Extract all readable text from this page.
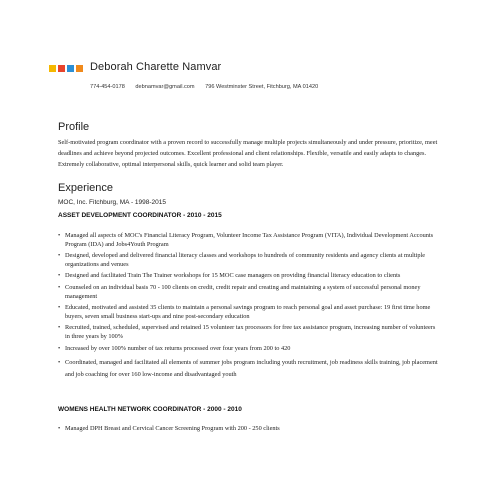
Deborah Charette Namvar
774-454-0178 debnamvar@gmail.com 796 Westminster Street, Fitchburg, MA 01420
Profile
Self-motivated program coordinator with a proven record to successfully manage multiple projects simultaneously and under pressure, prioritize, meet deadlines and achieve beyond projected outcomes. Excellent professional and client relationships. Flexible, versatile and easily adapts to changes. Extremely collaborative, optimal interpersonal skills, quick learner and solid team player.
Experience
MOC, Inc. Fitchburg, MA - 1998-2015
ASSET DEVELOPMENT COORDINATOR - 2010 - 2015
• Managed all aspects of MOC's Financial Literacy Program, Volunteer Income Tax Assistance Program (VITA), Individual Development Accounts Program (IDA) and Jobs4Youth Program
• Designed, developed and delivered financial literacy classes and workshops to hundreds of community residents and agency clients at multiple organizations and venues
• Designed and facilitated Train The Trainer workshops for 15 MOC case managers on providing financial literacy education to clients
• Counseled on an individual basis 70 - 100 clients on credit, credit repair and creating and maintaining a system of successful personal money management
• Educated, motivated and assisted 35 clients to maintain a personal savings program to reach personal goal and asset purchase: 19 first time home buyers, seven small business start-ups and nine post-secondary education
• Recruited, trained, scheduled, supervised and retained 15 volunteer tax processors for free tax assistance program, increasing number of volunteers in three years by 100%
• Increased by over 100% number of tax returns processed over four years from 200 to 420
• Coordinated, managed and facilitated all elements of summer jobs program including youth recruitment, job readiness skills training, job placement and job coaching for over 160 low-income and disadvantaged youth
WOMENS HEALTH NETWORK COORDINATOR - 2000 - 2010
• Managed DPH Breast and Cervical Cancer Screening Program with 200 - 250 clients
